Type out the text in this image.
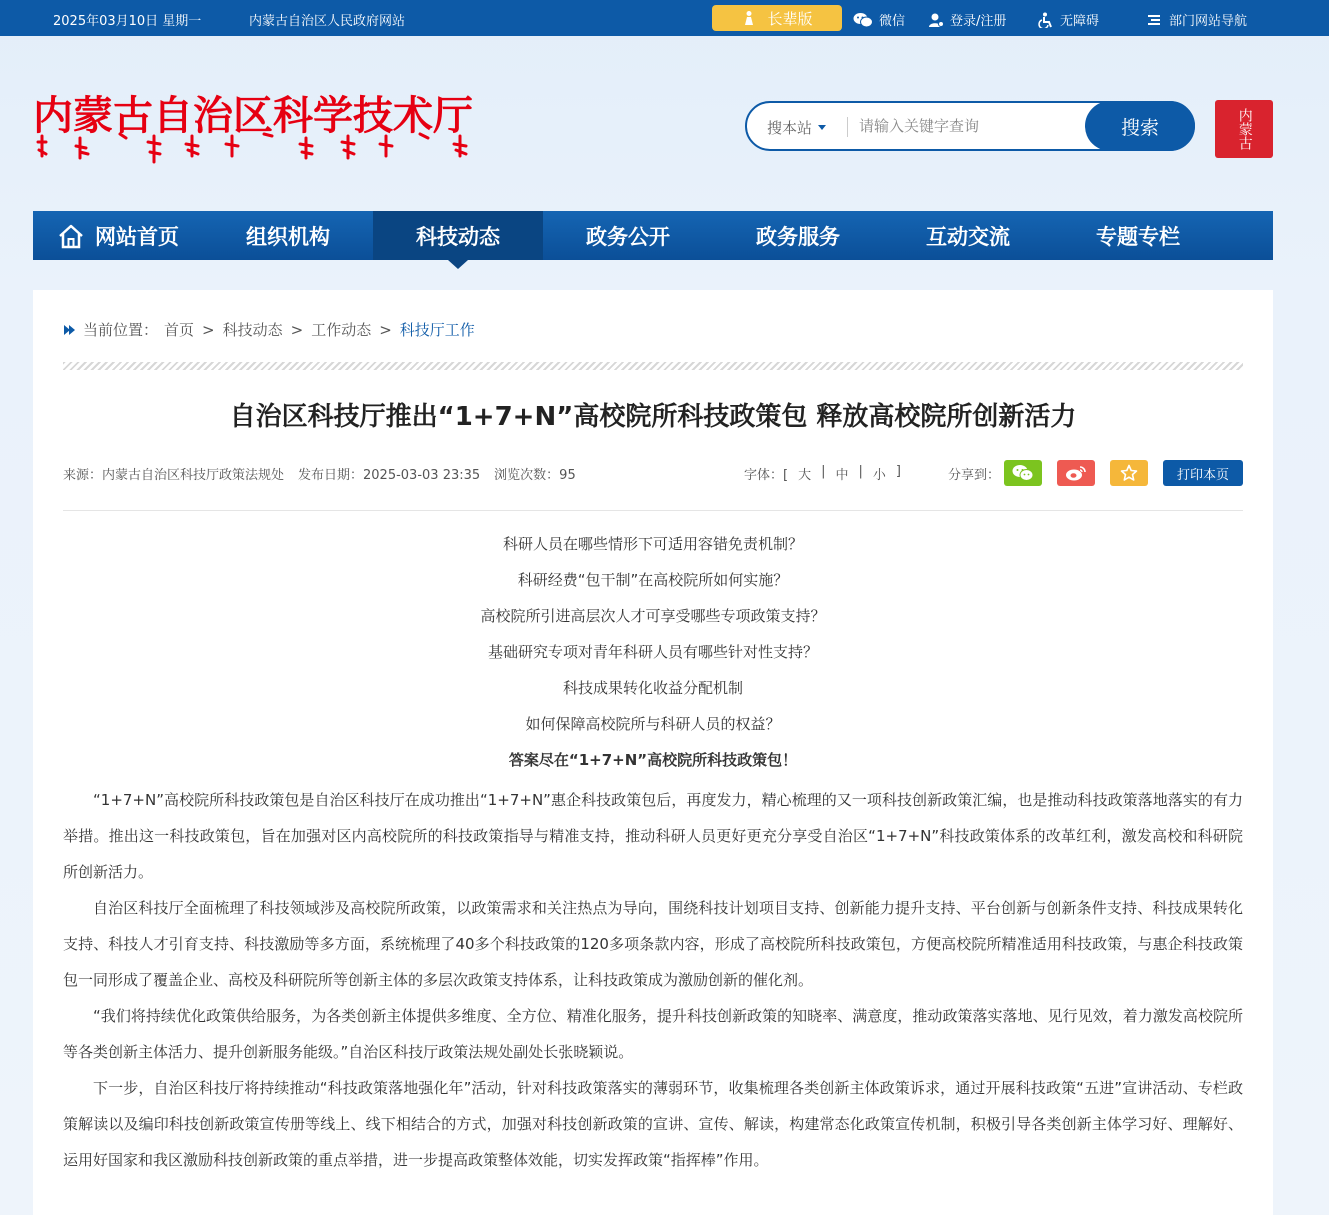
2025年03月10日 星期一	内蒙古自治区人民政府网站	长辈版	微信	登录/注册	无障碍	部门网站导航
内蒙古自治区科学技术厅	搜本站
请输入关键字查询	搜索	内蒙古
网站首页	组织机构	科技动态	政务公开	政务服务	互动交流	专题专栏
当前位置： 首页 > 科技动态 > 工作动态 > 科技厅工作
自治区科技厅推出“1+7+N”高校院所科技政策包 释放高校院所创新活力
来源：内蒙古自治区科技厅政策法规处 发布日期：2025-03-03 23:35 浏览次数：95	字体：[ 大 | 中 | 小 ]	分享到：	打印本页

科研人员在哪些情形下可适用容错免责机制？

科研经费“包干制”在高校院所如何实施？

高校院所引进高层次人才可享受哪些专项政策支持？

基础研究专项对青年科研人员有哪些针对性支持？

科技成果转化收益分配机制

如何保障高校院所与科研人员的权益？

答案尽在“1+7+N”高校院所科技政策包！

“1+7+N”高校院所科技政策包是自治区科技厅在成功推出“1+7+N”惠企科技政策包后，再度发力，精心梳理的又一项科技创新政策汇编，也是推动科技政策落地落实的有力举措。推出这一科技政策包，旨在加强对区内高校院所的科技政策指导与精准支持，推动科研人员更好更充分享受自治区“1+7+N”科技政策体系的改革红利，激发高校和科研院所创新活力。

自治区科技厅全面梳理了科技领域涉及高校院所政策，以政策需求和关注热点为导向，围绕科技计划项目支持、创新能力提升支持、平台创新与创新条件支持、科技成果转化支持、科技人才引育支持、科技激励等多方面，系统梳理了40多个科技政策的120多项条款内容，形成了高校院所科技政策包，方便高校院所精准适用科技政策，与惠企科技政策包一同形成了覆盖企业、高校及科研院所等创新主体的多层次政策支持体系，让科技政策成为激励创新的催化剂。

“我们将持续优化政策供给服务，为各类创新主体提供多维度、全方位、精准化服务，提升科技创新政策的知晓率、满意度，推动政策落实落地、见行见效，着力激发高校院所等各类创新主体活力、提升创新服务能级。”自治区科技厅政策法规处副处长张晓颖说。

下一步，自治区科技厅将持续推动“科技政策落地强化年”活动，针对科技政策落实的薄弱环节，收集梳理各类创新主体政策诉求，通过开展科技政策“五进”宣讲活动、专栏政策解读以及编印科技创新政策宣传册等线上、线下相结合的方式，加强对科技创新政策的宣讲、宣传、解读，构建常态化政策宣传机制，积极引导各类创新主体学习好、理解好、运用好国家和我区激励科技创新政策的重点举措，进一步提高政策整体效能，切实发挥政策“指挥棒”作用。
